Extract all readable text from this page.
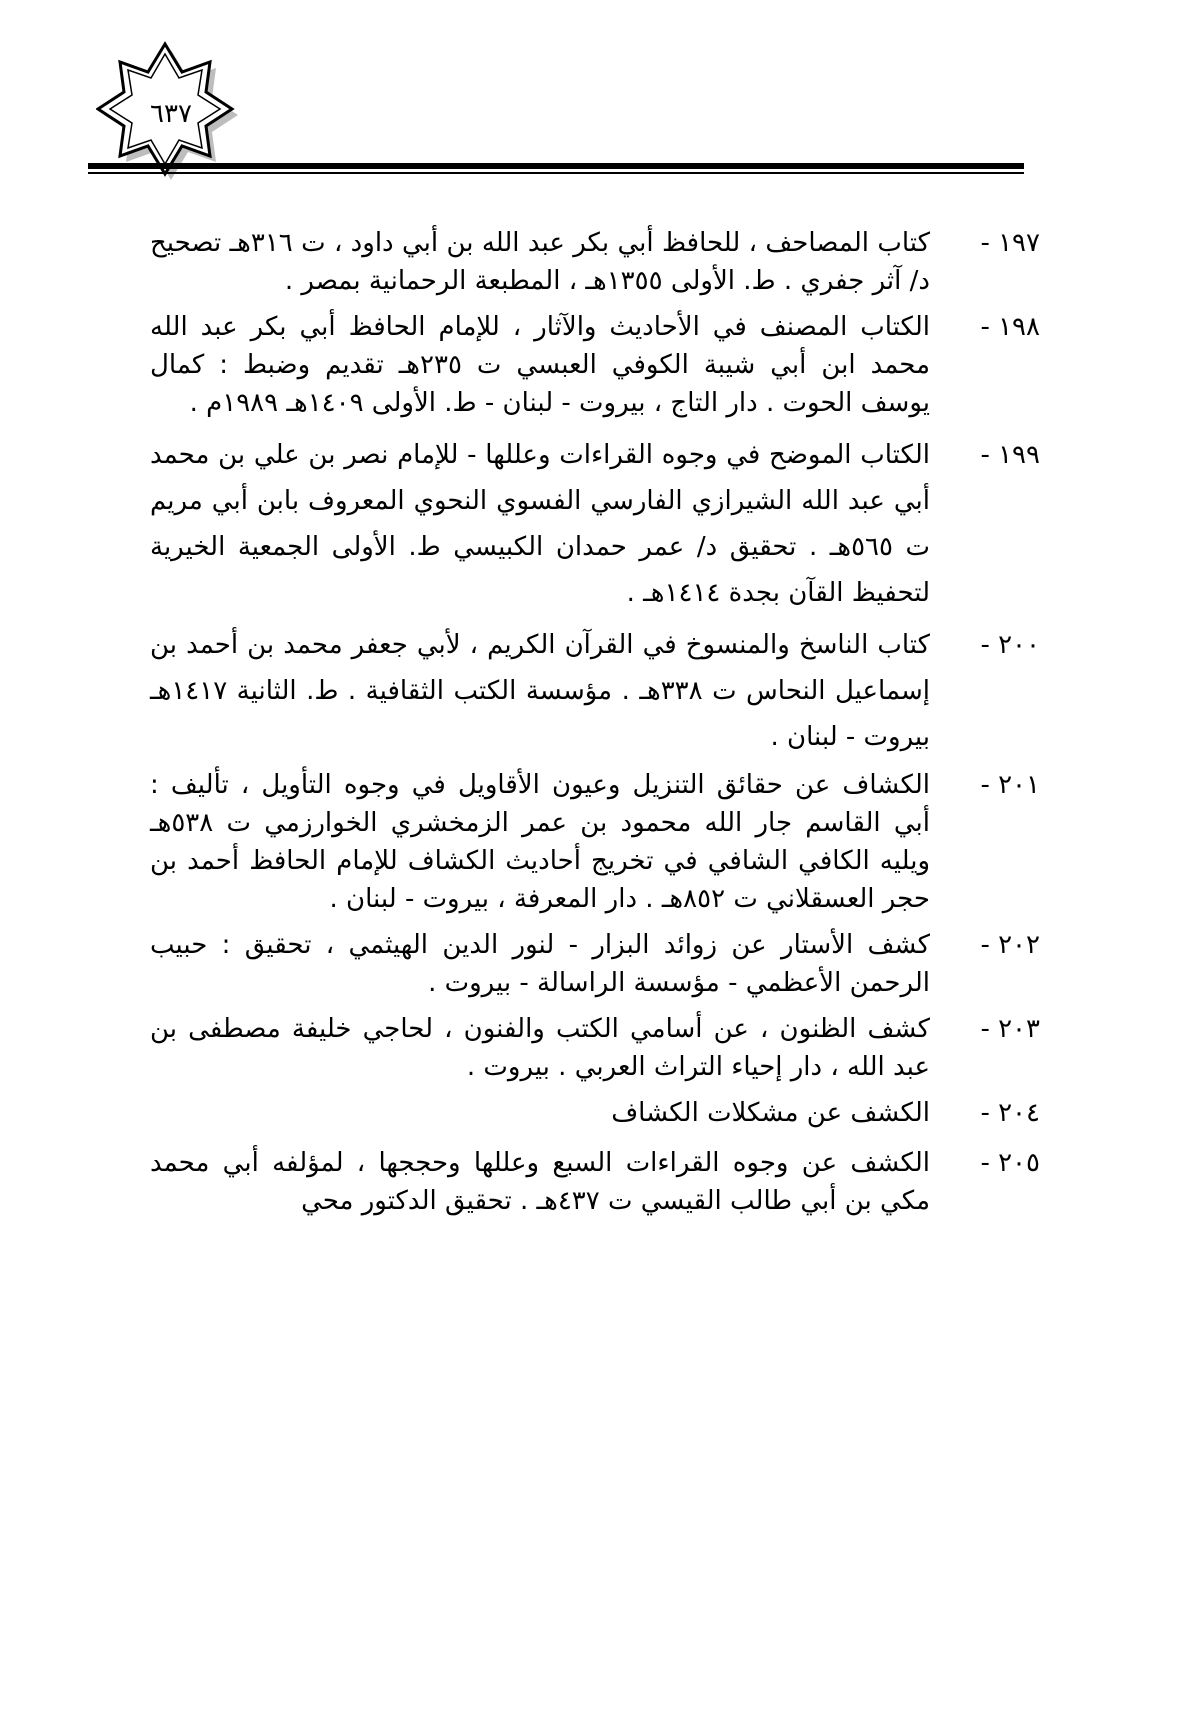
٦٣٧
١٩٧ -
كتاب المصاحف ، للحافظ أبي بكر عبد الله بن أبي داود ، ت ٣١٦هـ تصحيح د/ آثر جفري . ط. الأولى ١٣٥٥هـ ، المطبعة الرحمانية بمصر .
١٩٨ -
الكتاب المصنف في الأحاديث والآثار ، للإمام الحافظ أبي بكر عبد الله محمد ابن أبي شيبة الكوفي العبسي ت ٢٣٥هـ تقديم وضبط : كمال يوسف الحوت . دار التاج ، بيروت - لبنان - ط. الأولى ١٤٠٩هـ ١٩٨٩م .
١٩٩ -
الكتاب الموضح في وجوه القراءات وعللها - للإمام نصر بن علي بن محمد أبي عبد الله الشيرازي الفارسي الفسوي النحوي المعروف بابن أبي مريم ت ٥٦٥هـ . تحقيق د/ عمر حمدان الكبيسي ط. الأولى الجمعية الخيرية لتحفيظ القآن بجدة ١٤١٤هـ .
٢٠٠ -
كتاب الناسخ والمنسوخ في القرآن الكريم ، لأبي جعفر محمد بن أحمد بن إسماعيل النحاس ت ٣٣٨هـ . مؤسسة الكتب الثقافية . ط. الثانية ١٤١٧هـ بيروت - لبنان .
٢٠١ -
الكشاف عن حقائق التنزيل وعيون الأقاويل في وجوه التأويل ، تأليف : أبي القاسم جار الله محمود بن عمر الزمخشري الخوارزمي ت ٥٣٨هـ ويليه الكافي الشافي في تخريج أحاديث الكشاف للإمام الحافظ أحمد بن حجر العسقلاني ت ٨٥٢هـ . دار المعرفة ، بيروت - لبنان .
٢٠٢ -
كشف الأستار عن زوائد البزار - لنور الدين الهيثمي ، تحقيق : حبيب الرحمن الأعظمي - مؤسسة الراسالة - بيروت .
٢٠٣ -
كشف الظنون ، عن أسامي الكتب والفنون ، لحاجي خليفة مصطفى بن عبد الله ، دار إحياء التراث العربي . بيروت .
٢٠٤ -
الكشف عن مشكلات الكشاف
٢٠٥ -
الكشف عن وجوه القراءات السبع وعللها وحججها ، لمؤلفه أبي محمد مكي بن أبي طالب القيسي ت ٤٣٧هـ . تحقيق الدكتور محي
